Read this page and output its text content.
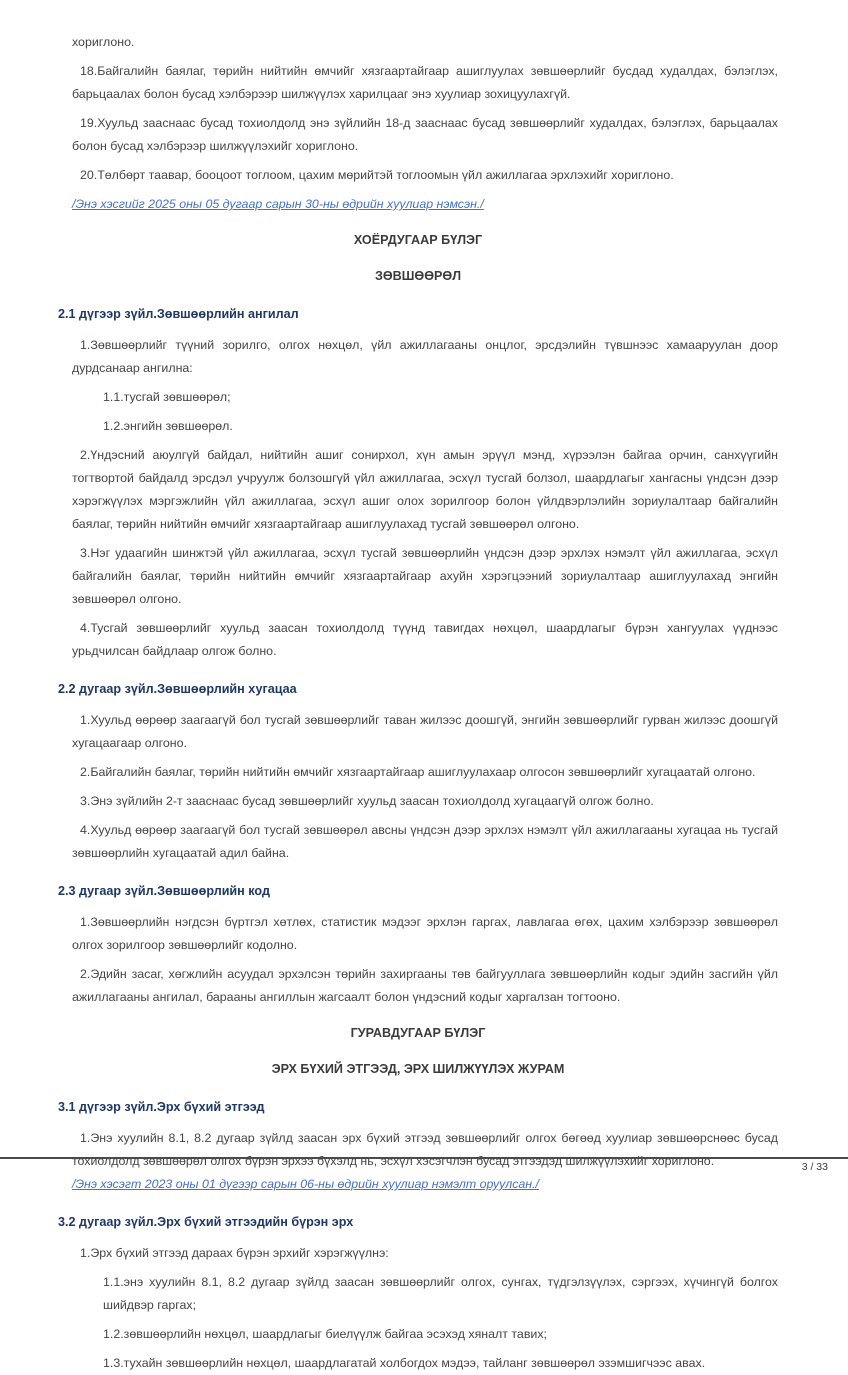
хориглоно.

18.Байгалийн баялаг, төрийн нийтийн өмчийг хязгаартайгаар ашиглуулах зөвшөөрлийг бусдад худалдах, бэлэглэх, барьцаалах болон бусад хэлбэрээр шилжүүлэх харилцааг энэ хуулиар зохицуулахгүй.

19.Хуульд зааснаас бусад тохиолдолд энэ зүйлийн 18-д зааснаас бусад зөвшөөрлийг худалдах, бэлэглэх, барьцаалах болон бусад хэлбэрээр шилжүүлэхийг хориглоно.

20.Төлбөрт таавар, бооцоот тоглоом, цахим мөрийтэй тоглоомын үйл ажиллагаа эрхлэхийг хориглоно.

/Энэ хэсгийг 2025 оны 05 дугаар сарын 30-ны өдрийн хуулиар нэмсэн./

ХОЁРДУГААР БҮЛЭГ

ЗӨВШӨӨРӨЛ

2.1 дүгээр зүйл.Зөвшөөрлийн ангилал

1.Зөвшөөрлийг түүний зорилго, олгох нөхцөл, үйл ажиллагааны онцлог, эрсдэлийн түвшнээс хамааруулан доор дурдсанаар ангилна:

1.1.тусгай зөвшөөрөл;

1.2.энгийн зөвшөөрөл.

2.Үндэсний аюулгүй байдал, нийтийн ашиг сонирхол, хүн амын эрүүл мэнд, хүрээлэн байгаа орчин, санхүүгийн тогтвортой байдалд эрсдэл учруулж болзошгүй үйл ажиллагаа, эсхүл тусгай болзол, шаардлагыг хангасны үндсэн дээр хэрэгжүүлэх мэргэжлийн үйл ажиллагаа, эсхүл ашиг олох зорилгоор болон үйлдвэрлэлийн зориулалтаар байгалийн баялаг, төрийн нийтийн өмчийг хязгаартайгаар ашиглуулахад тусгай зөвшөөрөл олгоно.

3.Нэг удаагийн шинжтэй үйл ажиллагаа, эсхүл тусгай зөвшөөрлийн үндсэн дээр эрхлэх нэмэлт үйл ажиллагаа, эсхүл байгалийн баялаг, төрийн нийтийн өмчийг хязгаартайгаар ахуйн хэрэгцээний зориулалтаар ашиглуулахад энгийн зөвшөөрөл олгоно.

4.Тусгай зөвшөөрлийг хуульд заасан тохиолдолд түүнд тавигдах нөхцөл, шаардлагыг бүрэн хангуулах үүднээс урьдчилсан байдлаар олгож болно.

2.2 дугаар зүйл.Зөвшөөрлийн хугацаа

1.Хуульд өөрөөр заагаагүй бол тусгай зөвшөөрлийг таван жилээс доошгүй, энгийн зөвшөөрлийг гурван жилээс доошгүй хугацаагаар олгоно.

2.Байгалийн баялаг, төрийн нийтийн өмчийг хязгаартайгаар ашиглуулахаар олгосон зөвшөөрлийг хугацаатай олгоно.

3.Энэ зүйлийн 2-т зааснаас бусад зөвшөөрлийг хуульд заасан тохиолдолд хугацаагүй олгож болно.

4.Хуульд өөрөөр заагаагүй бол тусгай зөвшөөрөл авсны үндсэн дээр эрхлэх нэмэлт үйл ажиллагааны хугацаа нь тусгай зөвшөөрлийн хугацаатай адил байна.

2.3 дугаар зүйл.Зөвшөөрлийн код

1.Зөвшөөрлийн нэгдсэн бүртгэл хөтлөх, статистик мэдээг эрхлэн гаргах, лавлагаа өгөх, цахим хэлбэрээр зөвшөөрөл олгох зорилгоор зөвшөөрлийг кодолно.

2.Эдийн засаг, хөгжлийн асуудал эрхэлсэн төрийн захиргааны төв байгууллага зөвшөөрлийн кодыг эдийн засгийн үйл ажиллагааны ангилал, барааны ангиллын жагсаалт болон үндэсний кодыг харгалзан тогтооно.

ГУРАВДУГААР БҮЛЭГ

ЭРХ БҮХИЙ ЭТГЭЭД, ЭРХ ШИЛЖҮҮЛЭХ ЖУРАМ

3.1 дүгээр зүйл.Эрх бүхий этгээд

1.Энэ хуулийн 8.1, 8.2 дугаар зүйлд заасан эрх бүхий этгээд зөвшөөрлийг олгох бөгөөд хуулиар зөвшөөрснөөс бусад тохиолдолд зөвшөөрөл олгох бүрэн эрхээ бүхэлд нь, эсхүл хэсэгчлэн бусад этгээдэд шилжүүлэхийг хориглоно.

/Энэ хэсэгт 2023 оны 01 дүгээр сарын 06-ны өдрийн хуулиар нэмэлт оруулсан./

3.2 дугаар зүйл.Эрх бүхий этгээдийн бүрэн эрх

1.Эрх бүхий этгээд дараах бүрэн эрхийг хэрэгжүүлнэ:

1.1.энэ хуулийн 8.1, 8.2 дугаар зүйлд заасан зөвшөөрлийг олгох, сунгах, түдгэлзүүлэх, сэргээх, хүчингүй болгох шийдвэр гаргах;

1.2.зөвшөөрлийн нөхцөл, шаардлагыг биелүүлж байгаа эсэхэд хяналт тавих;

1.3.тухайн зөвшөөрлийн нөхцөл, шаардлагатай холбогдох мэдээ, тайланг зөвшөөрөл эзэмшигчээс авах.

3 / 33
